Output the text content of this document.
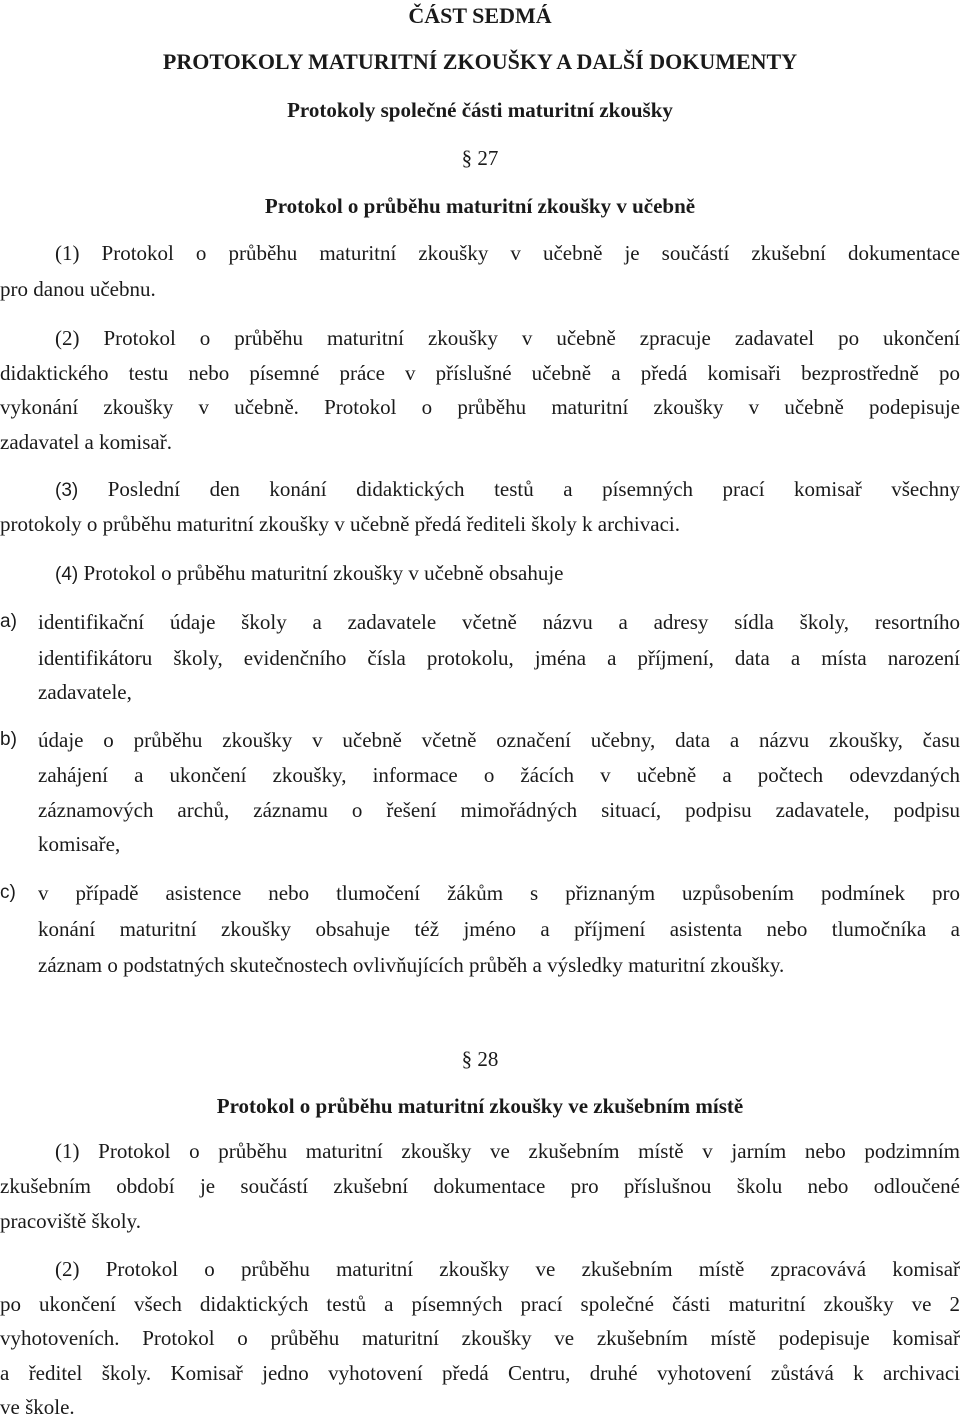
ČÁST SEDMÁ
PROTOKOLY MATURITNÍ ZKOUŠKY A DALŠÍ DOKUMENTY
Protokoly společné části maturitní zkoušky
§ 27
Protokol o průběhu maturitní zkoušky v učebně
(1) Protokol o průběhu maturitní zkoušky v učebně je součástí zkušební dokumentace
pro danou učebnu.
(2) Protokol o průběhu maturitní zkoušky v učebně zpracuje zadavatel po ukončení
didaktického testu nebo písemné práce v příslušné učebně a předá komisaři bezprostředně po
vykonání zkoušky v učebně. Protokol o průběhu maturitní zkoušky v učebně podepisuje
zadavatel a komisař.
(3) Poslední den konání didaktických testů a písemných prací komisař všechny
protokoly o průběhu maturitní zkoušky v učebně předá řediteli školy k archivaci.
(4) Protokol o průběhu maturitní zkoušky v učebně obsahuje
a) identifikační údaje školy a zadavatele včetně názvu a adresy sídla školy, resortního
identifikátoru školy, evidenčního čísla protokolu, jména a příjmení, data a místa narození
zadavatele,
b) údaje o průběhu zkoušky v učebně včetně označení učebny, data a názvu zkoušky, času
zahájení a ukončení zkoušky, informace o žácích v učebně a počtech odevzdaných
záznamových archů, záznamu o řešení mimořádných situací, podpisu zadavatele, podpisu
komisaře,
c) v případě asistence nebo tlumočení žákům s přiznaným uzpůsobením podmínek pro
konání maturitní zkoušky obsahuje též jméno a příjmení asistenta nebo tlumočníka a
záznam o podstatných skutečnostech ovlivňujících průběh a výsledky maturitní zkoušky.
§ 28
Protokol o průběhu maturitní zkoušky ve zkušebním místě
(1) Protokol o průběhu maturitní zkoušky ve zkušebním místě v jarním nebo podzimním
zkušebním období je součástí zkušební dokumentace pro příslušnou školu nebo odloučené
pracoviště školy.
(2) Protokol o průběhu maturitní zkoušky ve zkušebním místě zpracovává komisař
po ukončení všech didaktických testů a písemných prací společné části maturitní zkoušky ve 2
vyhotoveních. Protokol o průběhu maturitní zkoušky ve zkušebním místě podepisuje komisař
a ředitel školy. Komisař jedno vyhotovení předá Centru, druhé vyhotovení zůstává k archivaci
ve škole.
